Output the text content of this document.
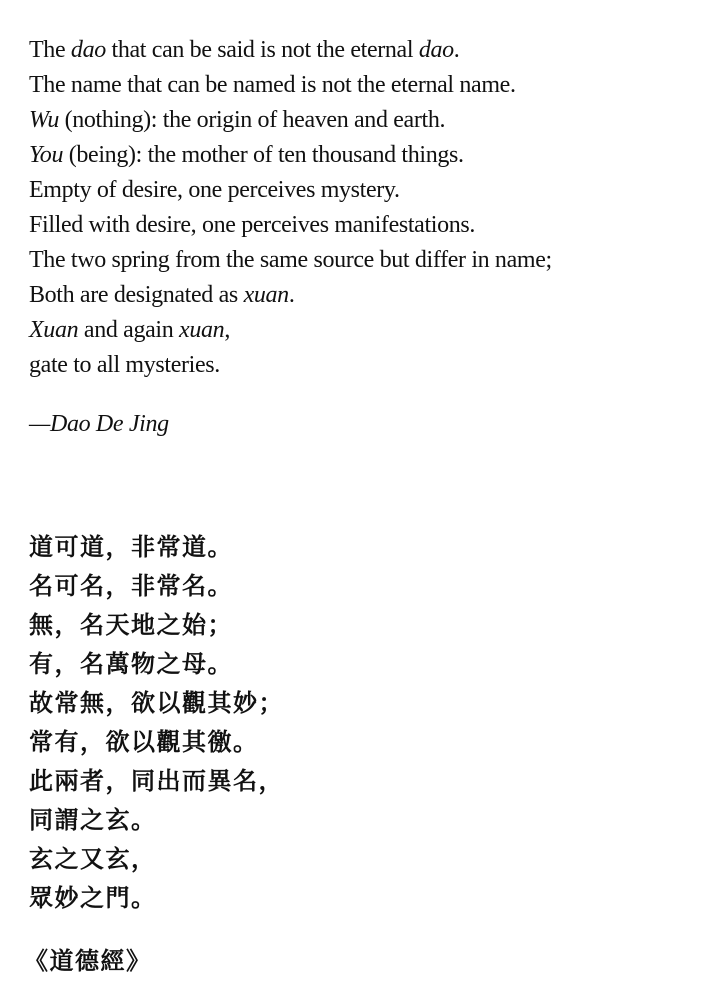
The dao that can be said is not the eternal dao.
The name that can be named is not the eternal name.
Wu (nothing): the origin of heaven and earth.
You (being): the mother of ten thousand things.
Empty of desire, one perceives mystery.
Filled with desire, one perceives manifestations.
The two spring from the same source but differ in name;
Both are designated as xuan.
Xuan and again xuan,
gate to all mysteries.
—Dao De Jing
道可道，非常道。
名可名，非常名。
無，名天地之始；
有，名萬物之母。
故常無，欲以觀其妙；
常有，欲以觀其徼。
此兩者，同出而異名，
同謂之玄。
玄之又玄，
眾妙之門。
《道德經》
